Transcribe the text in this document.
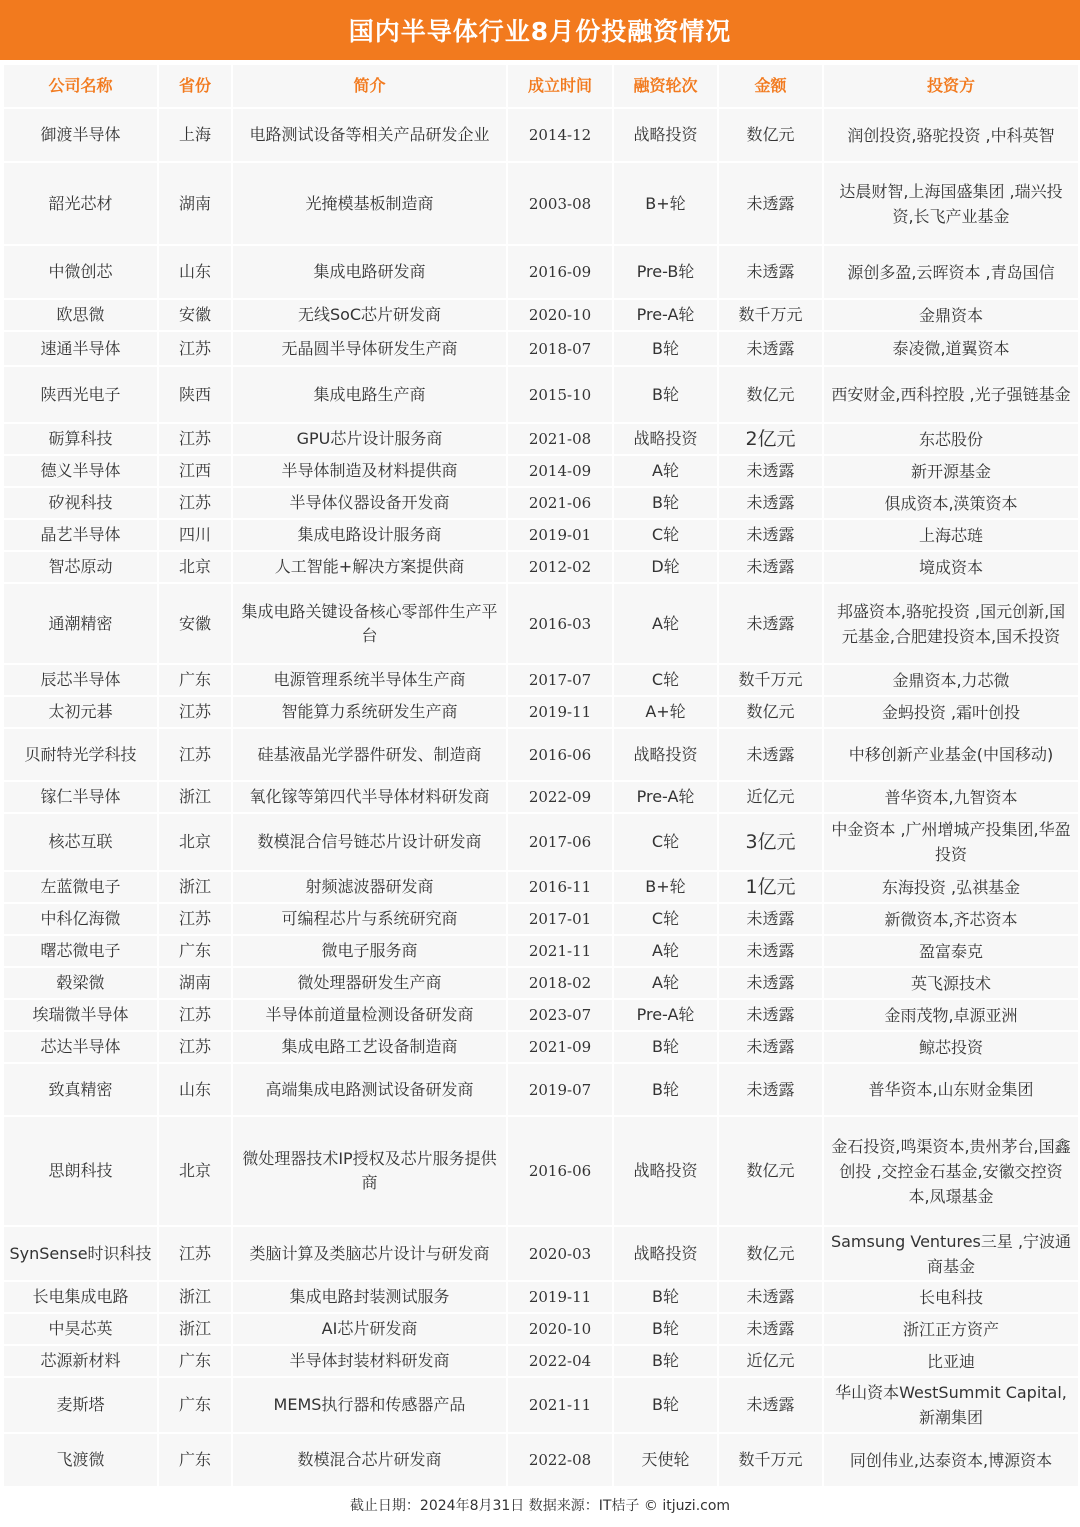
国内半导体行业8月份投融资情况
公司名称	省份	简介	成立时间	融资轮次	金额	投资方
御渡半导体	上海	电路测试设备等相关产品研发企业	2014-12	战略投资	数亿元	润创投资,骆驼投资 ,中科英智
韶光芯材	湖南	光掩模基板制造商	2003-08	B+轮	未透露	达晨财智,上海国盛集团 ,瑞兴投资,长飞产业基金
中微创芯	山东	集成电路研发商	2016-09	Pre-B轮	未透露	源创多盈,云晖资本 ,青岛国信
欧思微	安徽	无线SoC芯片研发商	2020-10	Pre-A轮	数千万元	金鼎资本
速通半导体	江苏	无晶圆半导体研发生产商	2018-07	B轮	未透露	泰凌微,道翼资本
陕西光电子	陕西	集成电路生产商	2015-10	B轮	数亿元	西安财金,西科控股 ,光子强链基金
砺算科技	江苏	GPU芯片设计服务商	2021-08	战略投资	2亿元	东芯股份
德义半导体	江西	半导体制造及材料提供商	2014-09	A轮	未透露	新开源基金
矽视科技	江苏	半导体仪器设备开发商	2021-06	B轮	未透露	俱成资本,渶策资本
晶艺半导体	四川	集成电路设计服务商	2019-01	C轮	未透露	上海芯琏
智芯原动	北京	人工智能+解决方案提供商	2012-02	D轮	未透露	境成资本
通潮精密	安徽	集成电路关键设备核心零部件生产平台	2016-03	A轮	未透露	邦盛资本,骆驼投资 ,国元创新,国元基金,合肥建投资本,国禾投资
辰芯半导体	广东	电源管理系统半导体生产商	2017-07	C轮	数千万元	金鼎资本,力芯微
太初元碁	江苏	智能算力系统研发生产商	2019-11	A+轮	数亿元	金蚂投资 ,霜叶创投
贝耐特光学科技	江苏	硅基液晶光学器件研发、制造商	2016-06	战略投资	未透露	中移创新产业基金(中国移动)
镓仁半导体	浙江	氧化镓等第四代半导体材料研发商	2022-09	Pre-A轮	近亿元	普华资本,九智资本
核芯互联	北京	数模混合信号链芯片设计研发商	2017-06	C轮	3亿元	中金资本 ,广州增城产投集团,华盈投资
左蓝微电子	浙江	射频滤波器研发商	2016-11	B+轮	1亿元	东海投资 ,弘祺基金
中科亿海微	江苏	可编程芯片与系统研究商	2017-01	C轮	未透露	新微资本,齐芯资本
曙芯微电子	广东	微电子服务商	2021-11	A轮	未透露	盈富泰克
毂梁微	湖南	微处理器研发生产商	2018-02	A轮	未透露	英飞源技术
埃瑞微半导体	江苏	半导体前道量检测设备研发商	2023-07	Pre-A轮	未透露	金雨茂物,卓源亚洲
芯达半导体	江苏	集成电路工艺设备制造商	2021-09	B轮	未透露	鲸芯投资
致真精密	山东	高端集成电路测试设备研发商	2019-07	B轮	未透露	普华资本,山东财金集团
思朗科技	北京	微处理器技术IP授权及芯片服务提供商	2016-06	战略投资	数亿元	金石投资,鸣渠资本,贵州茅台,国鑫创投 ,交控金石基金,安徽交控资本,凤璟基金
SynSense时识科技	江苏	类脑计算及类脑芯片设计与研发商	2020-03	战略投资	数亿元	Samsung Ventures三星 ,宁波通商基金
长电集成电路	浙江	集成电路封装测试服务	2019-11	B轮	未透露	长电科技
中昊芯英	浙江	AI芯片研发商	2020-10	B轮	未透露	浙江正方资产
芯源新材料	广东	半导体封装材料研发商	2022-04	B轮	近亿元	比亚迪
麦斯塔	广东	MEMS执行器和传感器产品	2021-11	B轮	未透露	华山资本WestSummit Capital,新潮集团
飞渡微	广东	数模混合芯片研发商	2022-08	天使轮	数千万元	同创伟业,达泰资本,博源资本
截止日期：2024年8月31日 数据来源：IT桔子 © itjuzi.com
